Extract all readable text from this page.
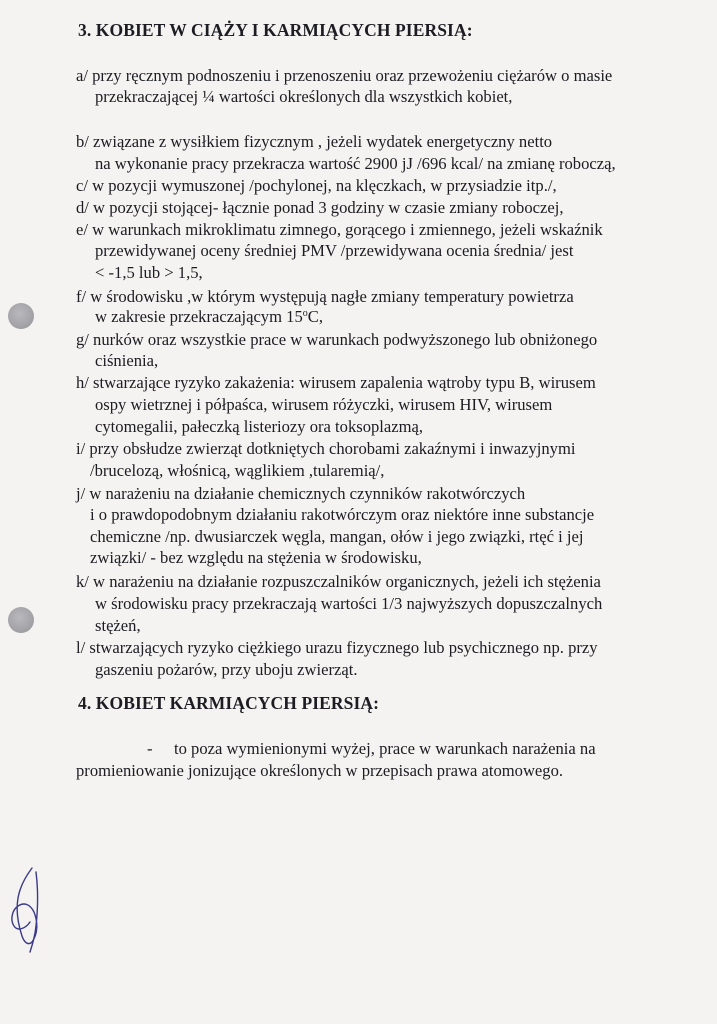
3. KOBIET W CIĄŻY I KARMIĄCYCH PIERSIĄ:
a/ przy ręcznym podnoszeniu i przenoszeniu oraz przewożeniu ciężarów o masie
przekraczającej ¼ wartości określonych dla wszystkich kobiet,
b/ związane z wysiłkiem fizycznym , jeżeli wydatek energetyczny netto
na wykonanie pracy przekracza wartość 2900 jJ /696 kcal/ na zmianę roboczą,
c/ w pozycji wymuszonej /pochylonej, na klęczkach, w przysiadzie itp./,
d/ w pozycji stojącej- łącznie ponad 3 godziny w czasie zmiany roboczej,
e/ w warunkach mikroklimatu zimnego, gorącego i zmiennego, jeżeli wskaźnik
przewidywanej oceny średniej PMV /przewidywana ocenia średnia/ jest
< -1,5 lub > 1,5,
f/ w środowisku ,w którym występują nagłe zmiany temperatury powietrza
w zakresie przekraczającym 15$^o$C,
g/ nurków oraz wszystkie prace w warunkach podwyższonego lub obniżonego
ciśnienia,
h/ stwarzające ryzyko zakażenia: wirusem zapalenia wątroby typu B, wirusem
ospy wietrznej i półpaśca, wirusem różyczki, wirusem HIV, wirusem
cytomegalii, pałeczką listeriozy ora toksoplazmą,
i/ przy obsłudze zwierząt dotkniętych chorobami zakaźnymi i inwazyjnymi
/brucelozą, włośnicą, wąglikiem ,tularemią/,
j/ w narażeniu na działanie chemicznych czynników rakotwórczych
i o prawdopodobnym działaniu rakotwórczym oraz niektóre inne substancje
chemiczne /np. dwusiarczek węgla, mangan, ołów i jego związki, rtęć i jej
związki/ - bez względu na stężenia w środowisku,
k/ w narażeniu na działanie rozpuszczalników organicznych, jeżeli ich stężenia
w środowisku pracy przekraczają wartości 1/3 najwyższych dopuszczalnych
stężeń,
l/ stwarzających ryzyko ciężkiego urazu fizycznego lub psychicznego np. przy
gaszeniu pożarów, przy uboju zwierząt.
4. KOBIET KARMIĄCYCH PIERSIĄ:
- to poza wymienionymi wyżej, prace w warunkach narażenia na
promieniowanie jonizujące określonych w przepisach prawa atomowego.
